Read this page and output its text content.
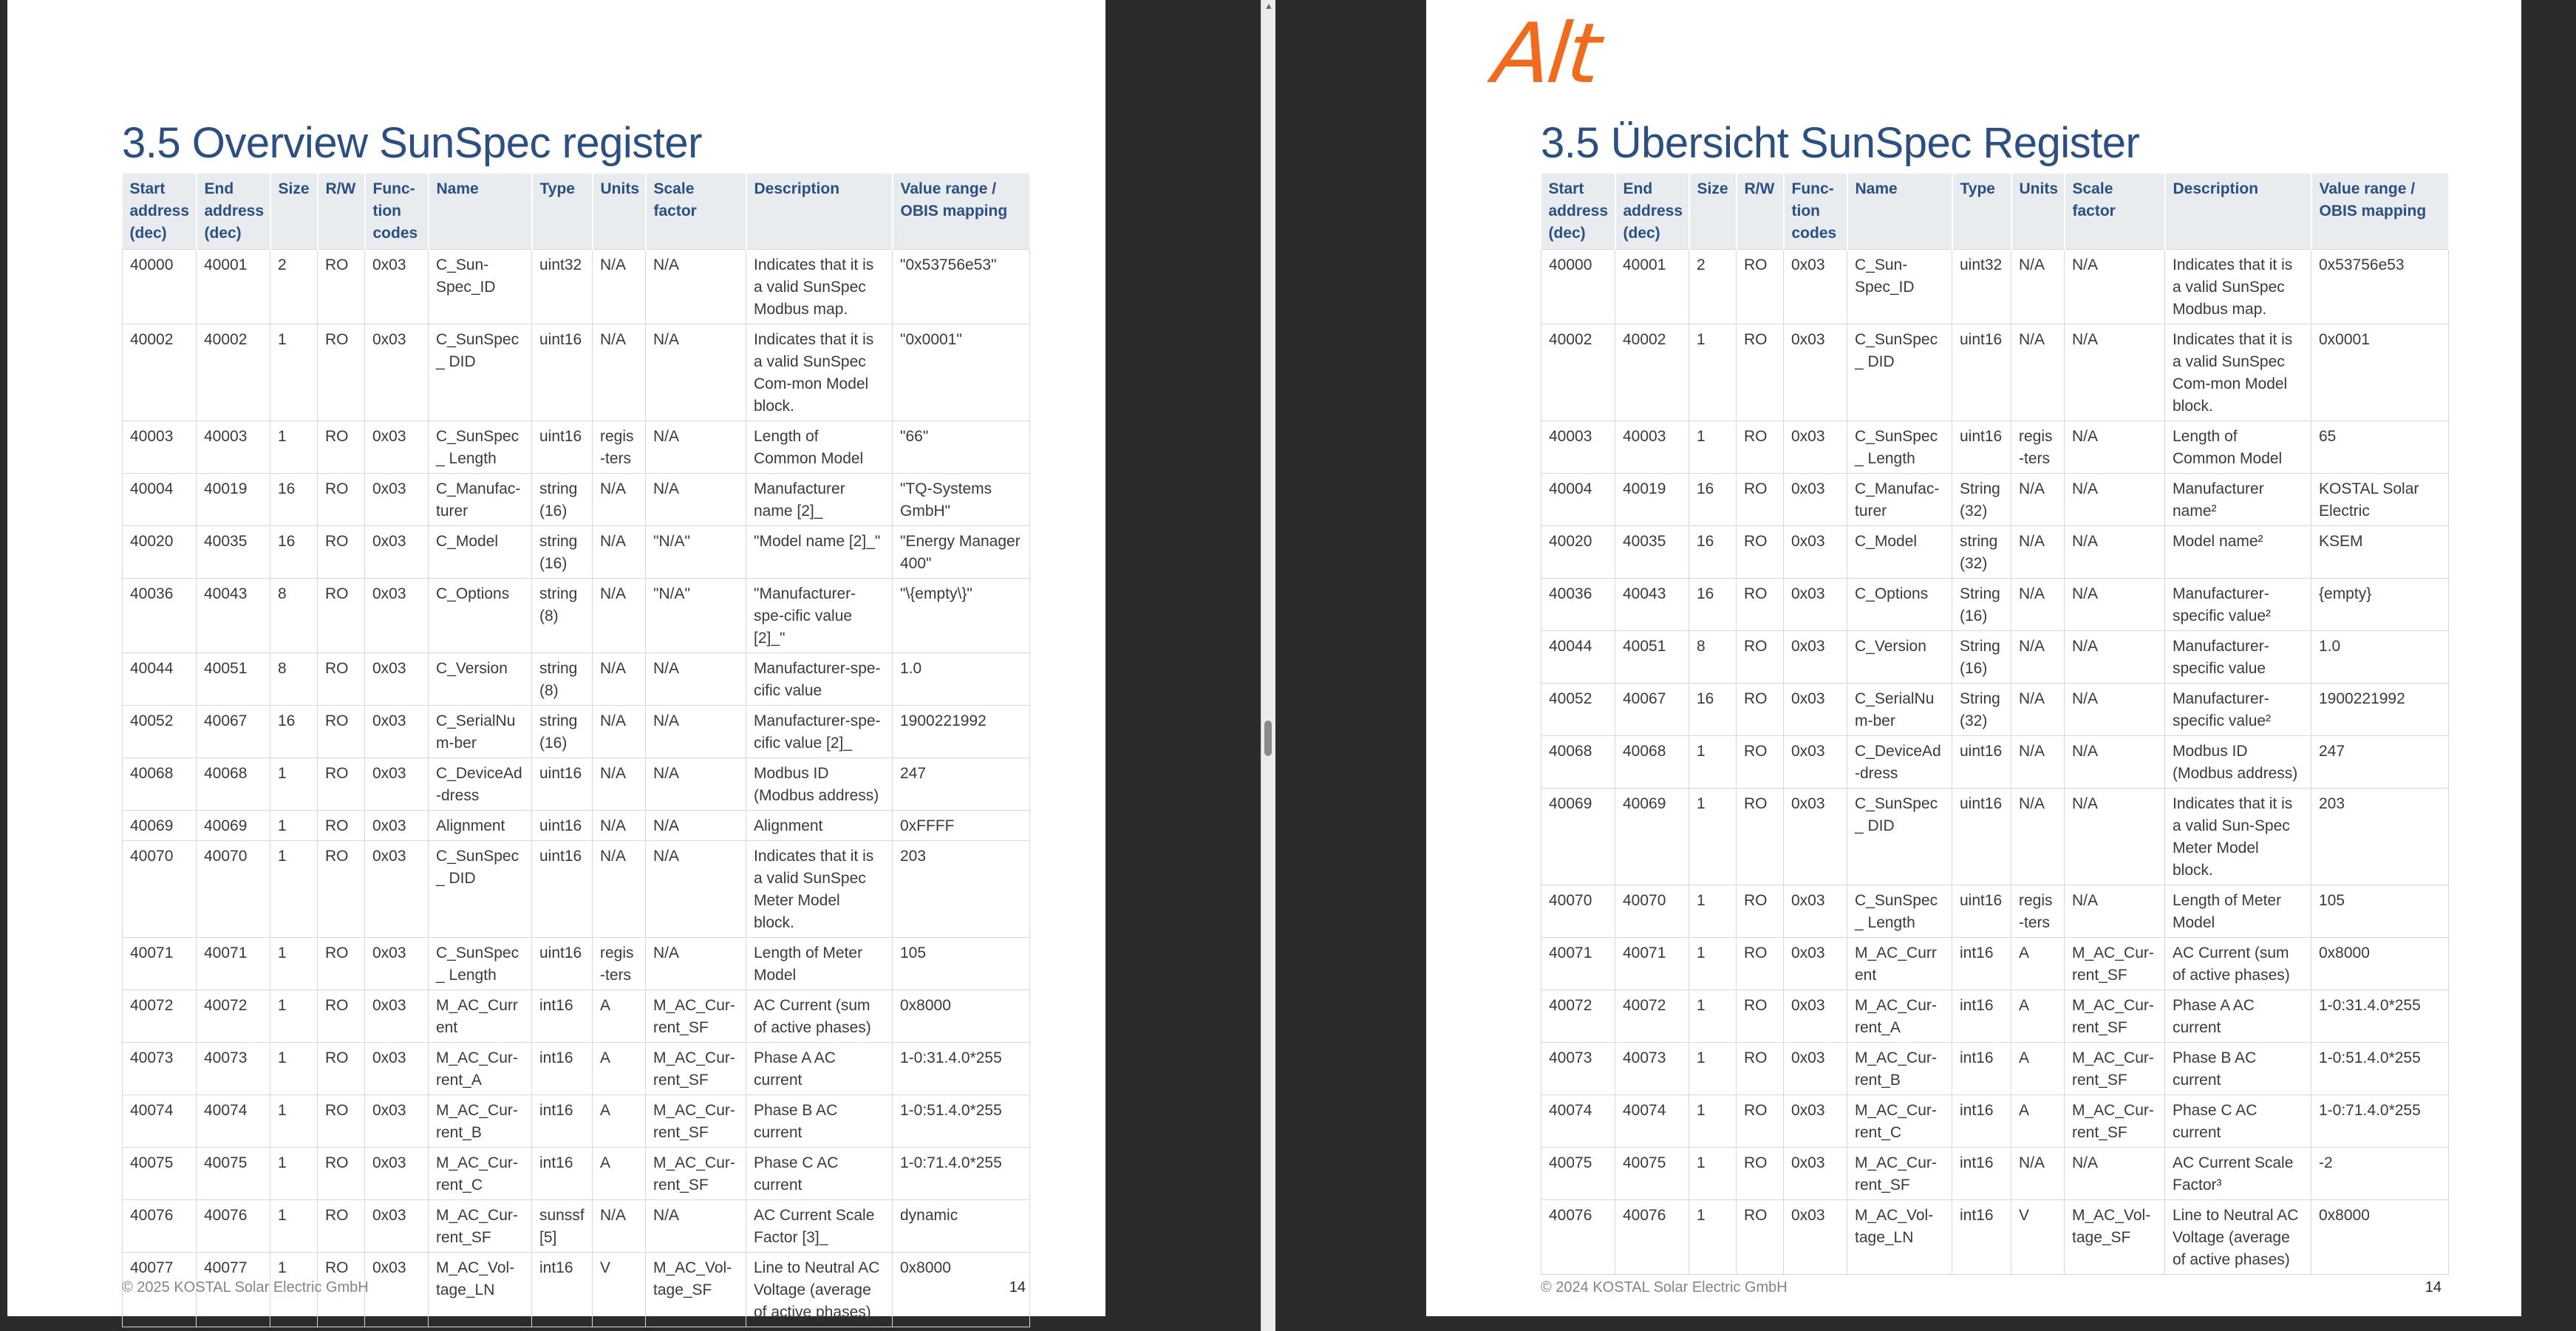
▲
3.5 Overview SunSpec register
Start address (dec)	End address (dec)	Size	R/W	Func-tion codes	Name	Type	Units	Scale factor	Description	Value range / OBIS mapping
40000	40001	2	RO	0x03	C_Sun-Spec_ID	uint32	N/A	N/A	Indicates that it is a valid SunSpec Modbus map.	"0x53756e53"
40002	40002	1	RO	0x03	C_SunSpec_ DID	uint16	N/A	N/A	Indicates that it is a valid SunSpec Com-mon Model block.	"0x0001"
40003	40003	1	RO	0x03	C_SunSpec_ Length	uint16	regis-ters	N/A	Length of Common Model	"66"
40004	40019	16	RO	0x03	C_Manufac-turer	string (16)	N/A	N/A	Manufacturer name [2]_	"TQ-Systems GmbH"
40020	40035	16	RO	0x03	C_Model	string (16)	N/A	"N/A"	"Model name [2]_"	"Energy Manager 400"
40036	40043	8	RO	0x03	C_Options	string (8)	N/A	"N/A"	"Manufacturer-spe-cific value [2]_"	"\{empty\}"
40044	40051	8	RO	0x03	C_Version	string (8)	N/A	N/A	Manufacturer-spe-cific value	1.0
40052	40067	16	RO	0x03	C_SerialNum-ber	string (16)	N/A	N/A	Manufacturer-spe-cific value [2]_	1900221992
40068	40068	1	RO	0x03	C_DeviceAd-dress	uint16	N/A	N/A	Modbus ID (Modbus address)	247
40069	40069	1	RO	0x03	Alignment	uint16	N/A	N/A	Alignment	0xFFFF
40070	40070	1	RO	0x03	C_SunSpec_ DID	uint16	N/A	N/A	Indicates that it is a valid SunSpec Meter Model block.	203
40071	40071	1	RO	0x03	C_SunSpec_ Length	uint16	regis-ters	N/A	Length of Meter Model	105
40072	40072	1	RO	0x03	M_AC_Current	int16	A	M_AC_Cur-rent_SF	AC Current (sum of active phases)	0x8000
40073	40073	1	RO	0x03	M_AC_Cur-rent_A	int16	A	M_AC_Cur-rent_SF	Phase A AC current	1-0:31.4.0*255
40074	40074	1	RO	0x03	M_AC_Cur-rent_B	int16	A	M_AC_Cur-rent_SF	Phase B AC current	1-0:51.4.0*255
40075	40075	1	RO	0x03	M_AC_Cur-rent_C	int16	A	M_AC_Cur-rent_SF	Phase C AC current	1-0:71.4.0*255
40076	40076	1	RO	0x03	M_AC_Cur-rent_SF	sunssf [5]	N/A	N/A	AC Current Scale Factor [3]_	dynamic
40077	40077	1	RO	0x03	M_AC_Vol-tage_LN	int16	V	M_AC_Vol-tage_SF	Line to Neutral AC Voltage (average of active phases)	0x8000
© 2025 KOSTAL Solar Electric GmbH	14
3.5 Übersicht SunSpec Register
Start address (dec)	End address (dec)	Size	R/W	Func-tion codes	Name	Type	Units	Scale factor	Description	Value range / OBIS mapping
40000	40001	2	RO	0x03	C_Sun-Spec_ID	uint32	N/A	N/A	Indicates that it is a valid SunSpec Modbus map.	0x53756e53
40002	40002	1	RO	0x03	C_SunSpec_ DID	uint16	N/A	N/A	Indicates that it is a valid SunSpec Com-mon Model block.	0x0001
40003	40003	1	RO	0x03	C_SunSpec_ Length	uint16	regis-ters	N/A	Length of Common Model	65
40004	40019	16	RO	0x03	C_Manufac-turer	String (32)	N/A	N/A	Manufacturer name²	KOSTAL Solar Electric
40020	40035	16	RO	0x03	C_Model	string (32)	N/A	N/A	Model name²	KSEM
40036	40043	16	RO	0x03	C_Options	String (16)	N/A	N/A	Manufacturer-specific value²	{empty}
40044	40051	8	RO	0x03	C_Version	String (16)	N/A	N/A	Manufacturer-specific value	1.0
40052	40067	16	RO	0x03	C_SerialNum-ber	String (32)	N/A	N/A	Manufacturer-specific value²	1900221992
40068	40068	1	RO	0x03	C_DeviceAd-dress	uint16	N/A	N/A	Modbus ID (Modbus address)	247
40069	40069	1	RO	0x03	C_SunSpec_ DID	uint16	N/A	N/A	Indicates that it is a valid Sun-Spec Meter Model block.	203
40070	40070	1	RO	0x03	C_SunSpec_ Length	uint16	regis-ters	N/A	Length of Meter Model	105
40071	40071	1	RO	0x03	M_AC_Current	int16	A	M_AC_Cur-rent_SF	AC Current (sum of active phases)	0x8000
40072	40072	1	RO	0x03	M_AC_Cur-rent_A	int16	A	M_AC_Cur-rent_SF	Phase A AC current	1-0:31.4.0*255
40073	40073	1	RO	0x03	M_AC_Cur-rent_B	int16	A	M_AC_Cur-rent_SF	Phase B AC current	1-0:51.4.0*255
40074	40074	1	RO	0x03	M_AC_Cur-rent_C	int16	A	M_AC_Cur-rent_SF	Phase C AC current	1-0:71.4.0*255
40075	40075	1	RO	0x03	M_AC_Cur-rent_SF	int16	N/A	N/A	AC Current Scale Factor³	-2
40076	40076	1	RO	0x03	M_AC_Vol-tage_LN	int16	V	M_AC_Vol-tage_SF	Line to Neutral AC Voltage (average of active phases)	0x8000
© 2024 KOSTAL Solar Electric GmbH	14
Alt
